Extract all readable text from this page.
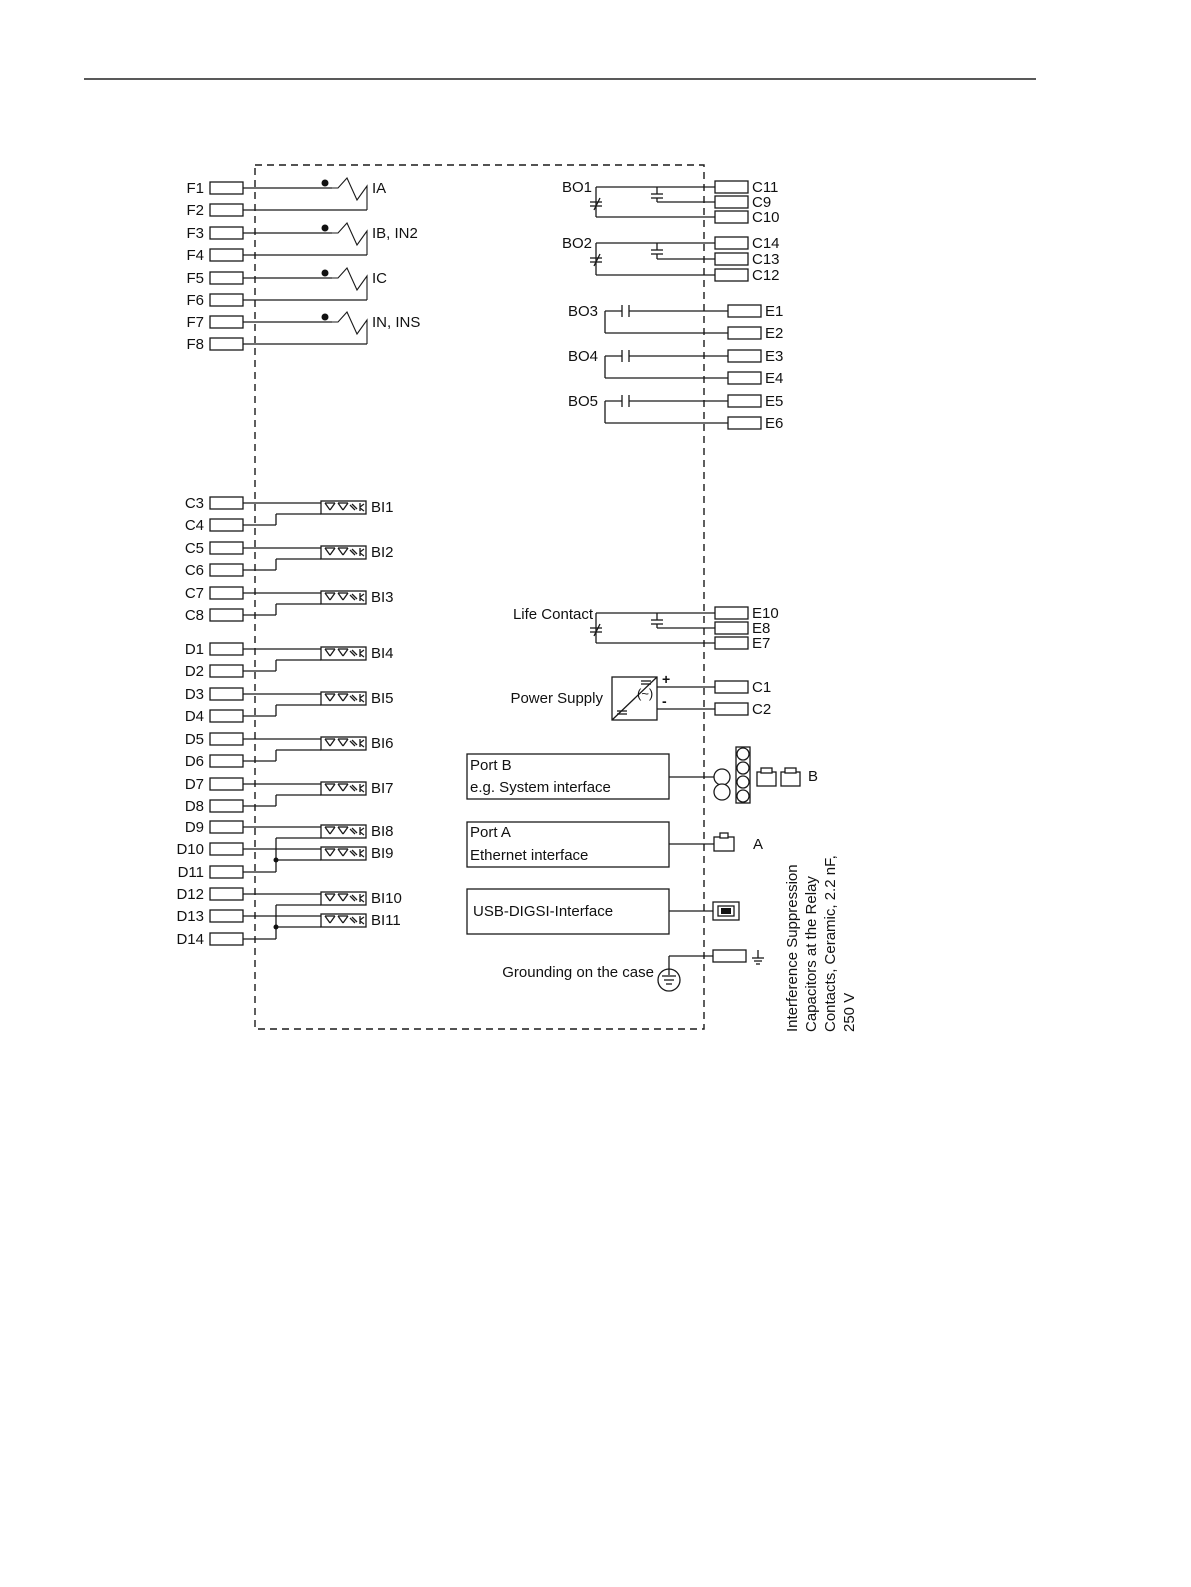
F1
F2
IA
F3
F4
IB, IN2
F5
F6
IC
F7
F8
IN, INS
C3
C4
BI1
C5
C6
BI2
C7
C8
BI3
D1
D2
BI4
D3
D4
BI5
D5
D6
BI6
D7
D8
BI7
D9
D10
D11
BI8
BI9
D12
D13
D14
BI10
BI11
BO1	C11
C9
C10
BO2	C14
C13
C12
BO3	E1
E2
BO4	E3
E4
BO5	E5
E6
Life Contact	E10
E8
E7
Power Supply	(~)
+
-
C1
C2
Port B
e.g. System interface
B
Port A
Ethernet interface
A
USB-DIGSI-Interface
Grounding on the case	Interference Suppression Capacitors at the Relay Contacts, Ceramic, 2.2 nF, 250 V
